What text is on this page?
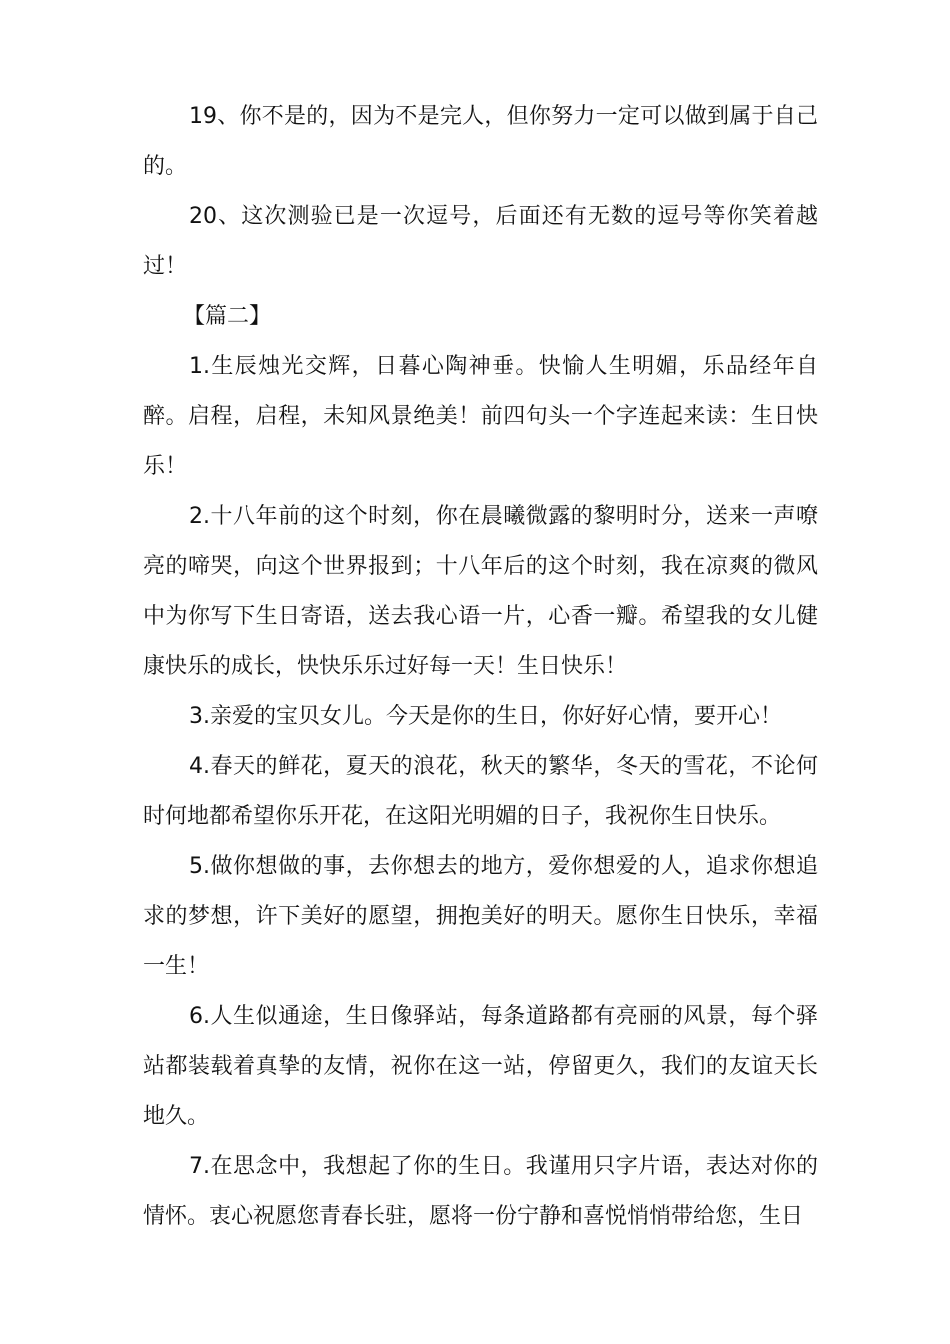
19、你不是的，因为不是完人，但你努力一定可以做到属于自己的。

20、这次测验已是一次逗号，后面还有无数的逗号等你笑着越过！

【篇二】

1.生辰烛光交辉，日暮心陶神垂。快愉人生明媚，乐品经年自醉。启程，启程，未知风景绝美！前四句头一个字连起来读：生日快乐！

2.十八年前的这个时刻，你在晨曦微露的黎明时分，送来一声嘹亮的啼哭，向这个世界报到；十八年后的这个时刻，我在凉爽的微风中为你写下生日寄语，送去我心语一片，心香一瓣。希望我的女儿健康快乐的成长，快快乐乐过好每一天！生日快乐！

3.亲爱的宝贝女儿。今天是你的生日，你好好心情，要开心！

4.春天的鲜花，夏天的浪花，秋天的繁华，冬天的雪花，不论何时何地都希望你乐开花，在这阳光明媚的日子，我祝你生日快乐。

5.做你想做的事，去你想去的地方，爱你想爱的人，追求你想追求的梦想，许下美好的愿望，拥抱美好的明天。愿你生日快乐，幸福一生！

6.人生似通途，生日像驿站，每条道路都有亮丽的风景，每个驿站都装载着真挚的友情，祝你在这一站，停留更久，我们的友谊天长地久。

7.在思念中，我想起了你的生日。我谨用只字片语，表达对你的情怀。衷心祝愿您青春长驻，愿将一份宁静和喜悦悄悄带给您，生日
